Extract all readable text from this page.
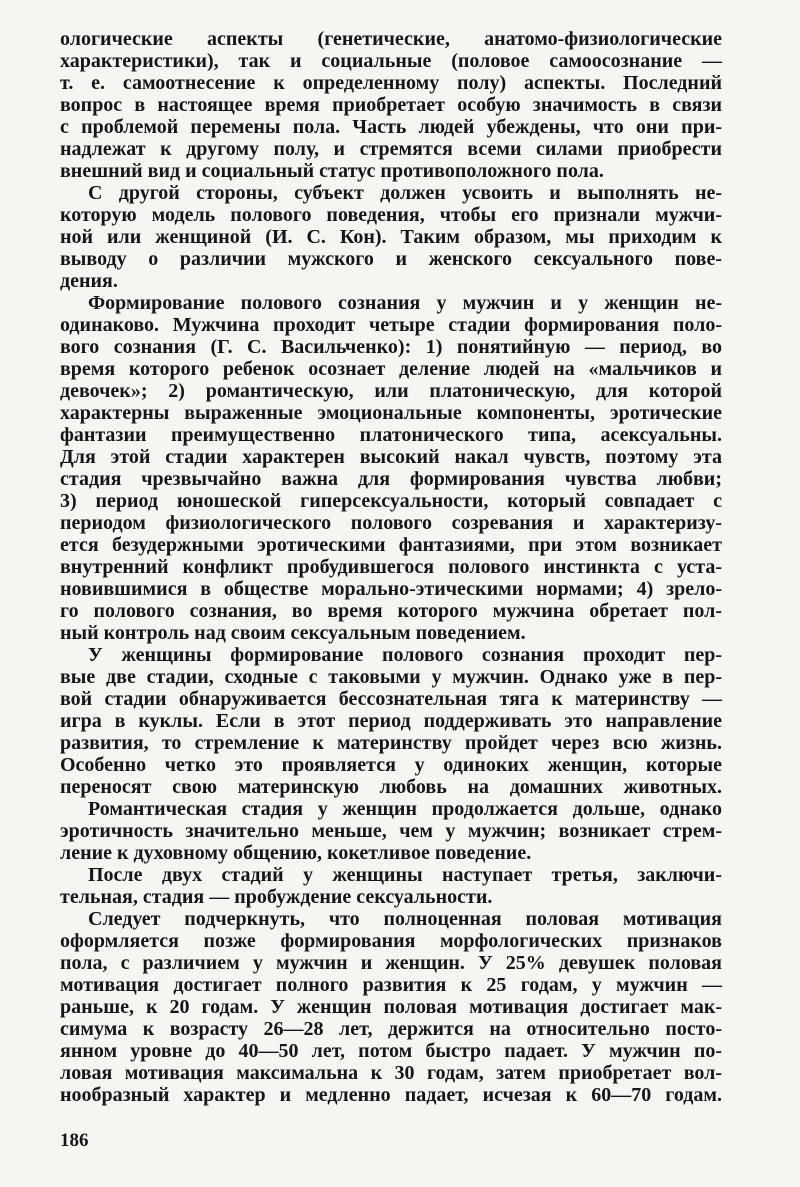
ологические аспекты (генетические, анатомо-физиологические
характеристики), так и социальные (половое самоосознание —
т. е. самоотнесение к определенному полу) аспекты. Последний
вопрос в настоящее время приобретает особую значимость в связи
с проблемой перемены пола. Часть людей убеждены, что они при-
надлежат к другому полу, и стремятся всеми силами приобрести
внешний вид и социальный статус противоположного пола.
С другой стороны, субъект должен усвоить и выполнять не-
которую модель полового поведения, чтобы его признали мужчи-
ной или женщиной (И. С. Кон). Таким образом, мы приходим к
выводу о различии мужского и женского сексуального пове-
дения.
Формирование полового сознания у мужчин и у женщин не-
одинаково. Мужчина проходит четыре стадии формирования поло-
вого сознания (Г. С. Васильченко): 1) понятийную — период, во
время которого ребенок осознает деление людей на «мальчиков и
девочек»; 2) романтическую, или платоническую, для которой
характерны выраженные эмоциональные компоненты, эротические
фантазии преимущественно платонического типа, асексуальны.
Для этой стадии характерен высокий накал чувств, поэтому эта
стадия чрезвычайно важна для формирования чувства любви;
3) период юношеской гиперсексуальности, который совпадает с
периодом физиологического полового созревания и характеризу-
ется безудержными эротическими фантазиями, при этом возникает
внутренний конфликт пробудившегося полового инстинкта с уста-
новившимися в обществе морально-этическими нормами; 4) зрело-
го полового сознания, во время которого мужчина обретает пол-
ный контроль над своим сексуальным поведением.
У женщины формирование полового сознания проходит пер-
вые две стадии, сходные с таковыми у мужчин. Однако уже в пер-
вой стадии обнаруживается бессознательная тяга к материнству —
игра в куклы. Если в этот период поддерживать это направление
развития, то стремление к материнству пройдет через всю жизнь.
Особенно четко это проявляется у одиноких женщин, которые
переносят свою материнскую любовь на домашних животных.
Романтическая стадия у женщин продолжается дольше, однако
эротичность значительно меньше, чем у мужчин; возникает стрем-
ление к духовному общению, кокетливое поведение.
После двух стадий у женщины наступает третья, заключи-
тельная, стадия — пробуждение сексуальности.
Следует подчеркнуть, что полноценная половая мотивация
оформляется позже формирования морфологических признаков
пола, с различием у мужчин и женщин. У 25% девушек половая
мотивация достигает полного развития к 25 годам, у мужчин —
раньше, к 20 годам. У женщин половая мотивация достигает мак-
симума к возрасту 26—28 лет, держится на относительно посто-
янном уровне до 40—50 лет, потом быстро падает. У мужчин по-
ловая мотивация максимальна к 30 годам, затем приобретает вол-
нообразный характер и медленно падает, исчезая к 60—70 годам.
186
